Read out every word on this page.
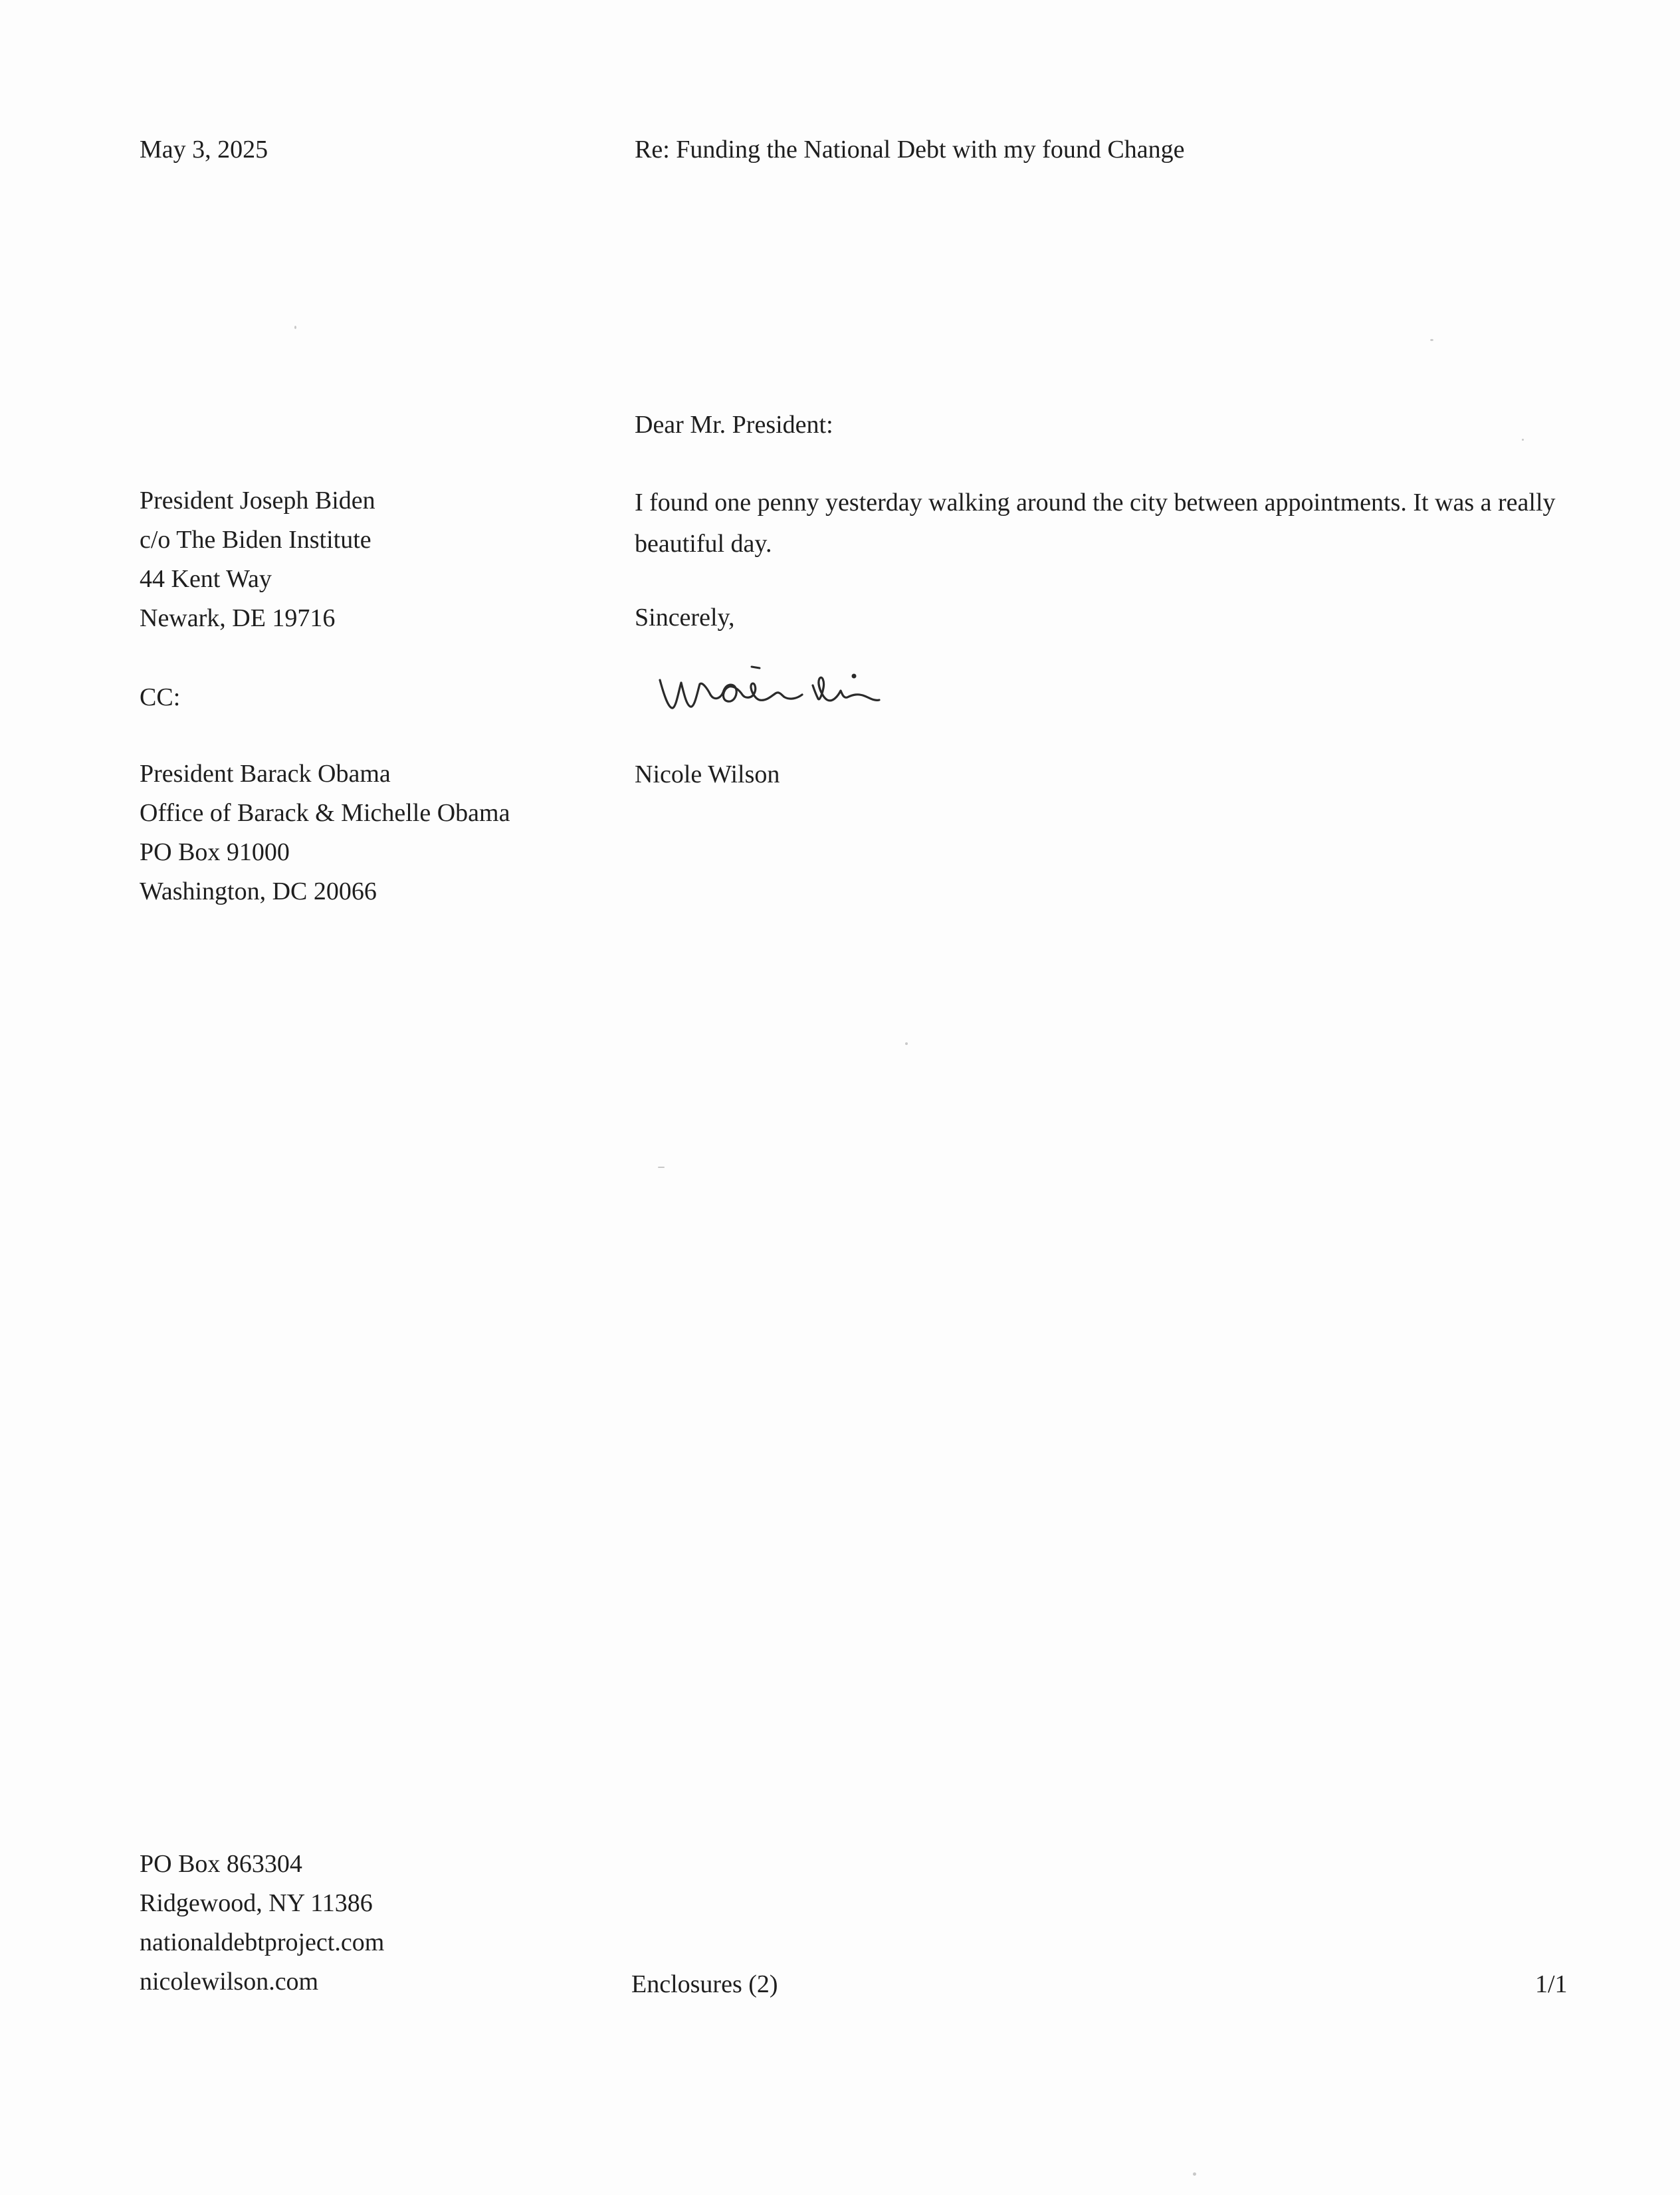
May 3, 2025	Re: Funding the National Debt with my found Change

Dear Mr. President:

President Joseph Biden
c/o The Biden Institute
44 Kent Way
Newark, DE 19716

I found one penny yesterday walking around the city between appointments. It was a really beautiful day.

Sincerely,

CC:

President Barack Obama
Office of Barack & Michelle Obama
PO Box 91000
Washington, DC 20066

Nicole Wilson

PO Box 863304
Ridgewood, NY 11386
nationaldebtproject.com
nicolewilson.com	Enclosures (2)	1/1
